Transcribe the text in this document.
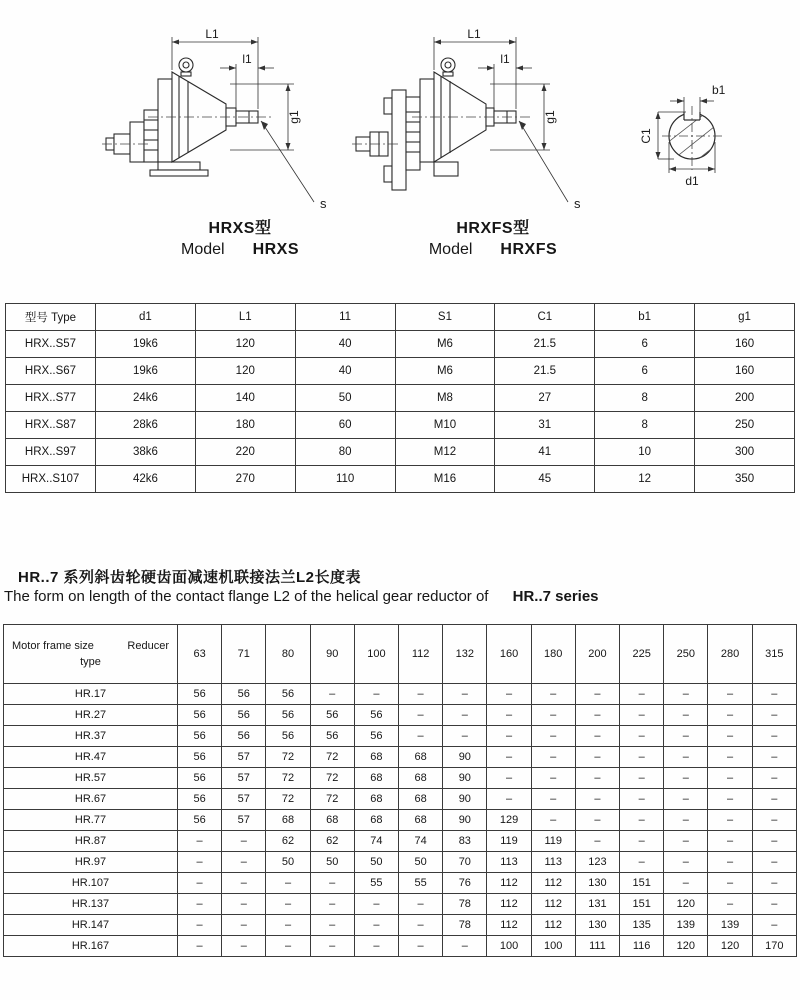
L1
l1
g1
s
HRXS型
Model HRXS
L1
l1
g1
s
HRXFS型
Model HRXFS
b1
C1
d1
型号 Type	d1	L1	11	S1	C1	b1	g1
HRX..S57	19k6	120	40	M6	21.5	6	160
HRX..S67	19k6	120	40	M6	21.5	6	160
HRX..S77	24k6	140	50	M8	27	8	200
HRX..S87	28k6	180	60	M10	31	8	250
HRX..S97	38k6	220	80	M12	41	10	300
HRX..S107	42k6	270	110	M16	45	12	350
HR..7 系列斜齿轮硬齿面减速机联接法兰L2长度表
The form on length of the contact flange L2 of the helical gear reductor of HR..7 series
Motor frame size Reducer
type	63	71	80	90	100	112	132	160	180	200	225	250	280	315
HR.17	56	56	56	–	–	–	–	–	–	–	–	–	–	–
HR.27	56	56	56	56	56	–	–	–	–	–	–	–	–	–
HR.37	56	56	56	56	56	–	–	–	–	–	–	–	–	–
HR.47	56	57	72	72	68	68	90	–	–	–	–	–	–	–
HR.57	56	57	72	72	68	68	90	–	–	–	–	–	–	–
HR.67	56	57	72	72	68	68	90	–	–	–	–	–	–	–
HR.77	56	57	68	68	68	68	90	129	–	–	–	–	–	–
HR.87	–	–	62	62	74	74	83	119	119	–	–	–	–	–
HR.97	–	–	50	50	50	50	70	113	113	123	–	–	–	–
HR.107	–	–	–	–	55	55	76	112	112	130	151	–	–	–
HR.137	–	–	–	–	–	–	78	112	112	131	151	120	–	–
HR.147	–	–	–	–	–	–	78	112	112	130	135	139	139	–
HR.167	–	–	–	–	–	–	–	100	100	111	116	120	120	170
